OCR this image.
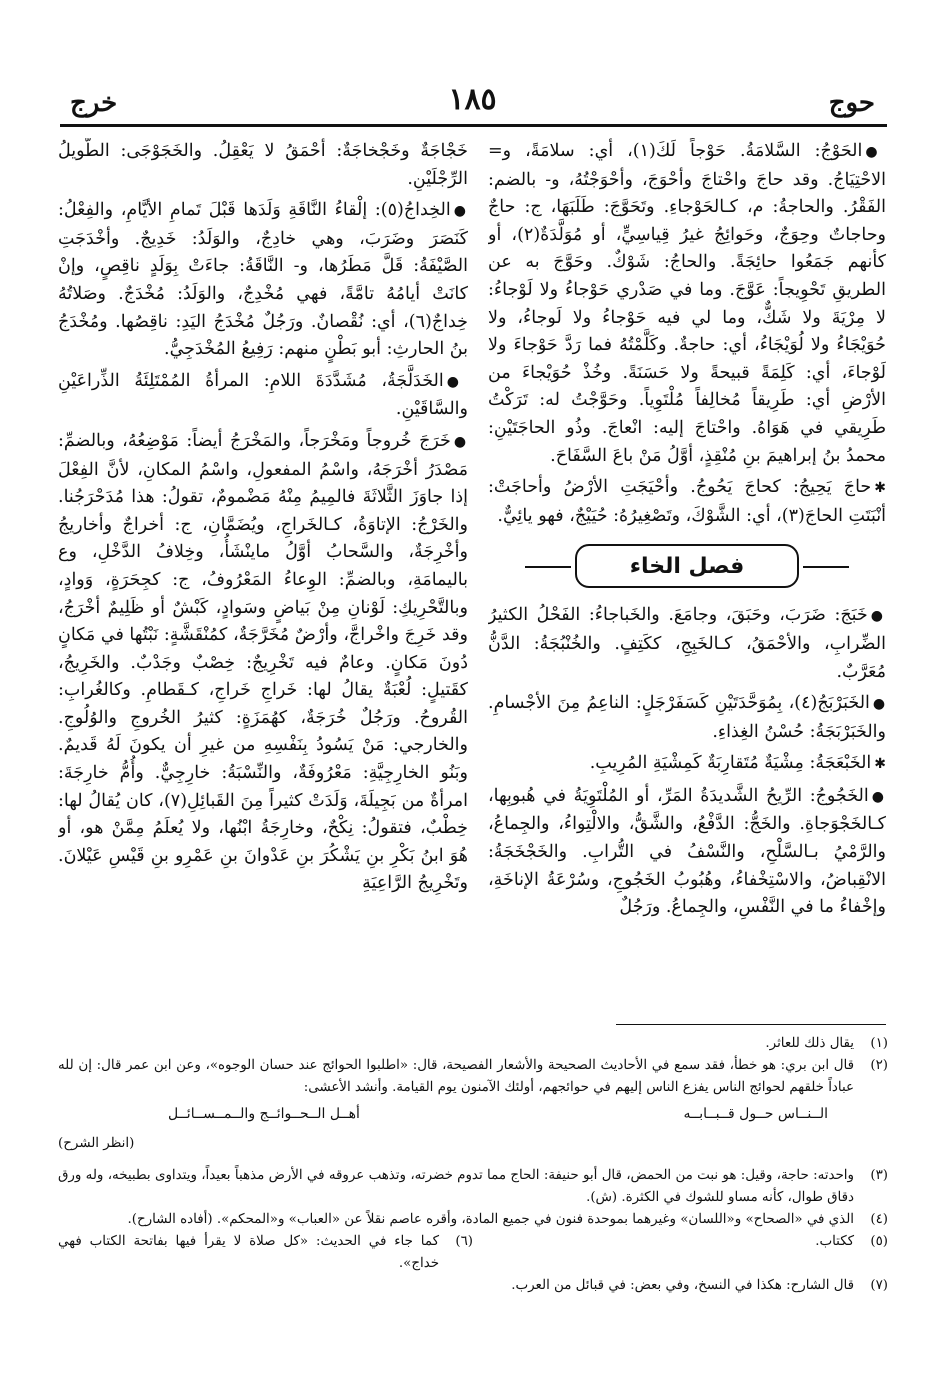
حوج
١٨٥
خرج

●الحَوْجُ: السَّلامَةُ. حَوْجاً لَكَ(١)، أي: سلامَةً، و= الاحْتِيَاجُ. وقد حاجَ واحْتاجَ وأحْوَجَ، وأحْوَجْتُهُ، و- بالضم: الفَقْرُ. والحاجةُ: م، كـالحَوْجاءِ. وتَحَوَّجَ: طَلَبَهَا، ج: حاجٌ وحاجاتٌ وحِوَجٌ، وحَوائِجُ غيرُ قِياسِيٍّ، أو مُوَلَّدَةٌ(٢)، أو كأنهم جَمَعُوا حائِجَةً. والحاجُ: شَوْكٌ. وحَوَّجَ به عن الطريقِ تَحْوِيجاً: عَوَّجَ. وما في صَدْري حَوْجاءُ ولا لَوْجاءُ: لا مِرْيَةَ ولا شَكٌّ، وما لي فيه حَوْجاءُ ولا لَوجاءُ، ولا حُوَيْجَاءُ ولا لُوَيْجَاءُ، أي: حاجةٌ. وكَلَّمْتُهُ فما رَدَّ حَوْجاءَ ولا لَوْجاءَ، أي: كَلِمَةً قبيحةً ولا حَسَنَةً. وخُذْ حُوَيْجاءَ من الأرْضِ أي: طَرِيقاً مُخالِفاً مُلْتَوِياً. وحَوَّجْتُ له: تَرَكْتُ طَرِيقي في هَوَاهُ. واحْتاجَ إليه: انْعاجَ. وذُو الحاجَتَيْنِ: محمدُ بنُ إبراهيمَ بنِ مُنْقِذٍ، أوَّلُ مَنْ باعَ السَّفَاحَ.

✱حاجَ يَحِيجُ: كحاجَ يَحُوجُ. وأحْيَجَتِ الأرْضُ وأحاجَتْ: أنْبَتَتِ الحاجَ(٣)، أي: الشَّوْكَ، وتَصْغِيرُهُ: حُيَيْجٌ، فهو يائِيٌّ.

فصل الخاء

●خَبَجَ: ضَرَبَ، وحَبَقَ، وجامَعَ. والخَباجاءُ: الفَحْلُ الكثيرُ الضِّرابِ، والأحْمَقُ، كـالخَبِجِ، ككَتِفٍ. والخُنْبُجَةُ: الدَّنُّ مُعَرَّبٌ.

●الخَبَرْبَجُ(٤)، بِمُوَحَّدَتَيْنِ كَسَفَرْجَلٍ: الناعِمُ مِنَ الأجْسامِ. والخَبَرْبَجَةُ: حُسْنُ الغِذاءِ.

✱الخَبْعَجَةُ: مِشْيَةٌ مُتَقارِبَةٌ كَمِشْيَةِ المُرِيبِ.

●الخَجُوجُ: الرِّيحُ الشَّديدَةُ المَرِّ، أو المُلْتَوِيَةُ في هُبوبِها، كـالخَجْوَجاةِ. والخَجُّ: الدَّفْعُ، والشَّقُّ، والالْتِواءُ، والجِماعُ، والرَّمْيُ بـالسَّلْحِ، والنَّسْفُ في التُّرابِ. والخَجْخَجَةُ: الانْقِباضُ، والاسْتِخْفاءُ، وهُبُوبُ الخَجُوجِ، وسُرْعَةُ الإناخَةِ، وإخْفاءُ ما في النَّفْسِ، والجِماعُ. ورَجُلٌ

خَجْاجَةٌ وخَجْخاجَةٌ: أحْمَقُ لا يَعْقِلُ. والخَجَوْجَى: الطَّويلُ الرِّجْلَيْنِ.

●الخِداجُ(٥): إلْقاءُ النَّاقَةِ وَلَدَها قَبْلَ تَمامِ الأيَّامِ، والفِعْلُ: كَنَصَرَ وضَرَبَ، وهي خادِجٌ، والوَلَدُ: خَدِيجٌ. وأخْدَجَتِ الصَّيْفَةُ: قَلَّ مَطَرُها، و- النَّاقَةُ: جاءَتْ بِوَلَدٍ ناقِصٍ، وإنْ كانَتْ أيامُهُ تامَّةً، فهي مُخْدِجٌ، والوَلَدُ: مُخْدَجٌ. وصَلاتُهُ خِداجٌ(٦)، أي: نُقْصانٌ. ورَجُلٌ مُخْدَجُ اليَدِ: ناقِصُها. ومُخْدَجُ بنُ الحارثِ: أبو بَطْنٍ منهم: رَفِيعُ المُخْدَجِيُّ.

●الخَدَلَّجَةُ، مُشَدَّدَةَ اللامِ: المرأةُ المُمْتَلِئَةُ الذِّراعَيْنِ والسَّاقَيْنِ.

●خَرَجَ خُروجاً ومَخْرَجاً، والمَخْرَجُ أيضاً: مَوْضِعُهُ، وبالضمِّ: مَصْدَرُ أخْرَجَهُ، واسْمُ المفعولِ، واسْمُ المكانِ، لأنَّ الفِعْلَ إذا جاوَزَ الثَّلاثَةَ فالمِيمُ مِنْهُ مَضْمومٌ، تقولُ: هذا مُدَحْرَجُنا. والخَرْجُ: الإتاوَةُ، كـالخَراجِ، ويُضَمَّانِ، ج: أخراجٌ وأخاريجُ وأخْرِجَةٌ، والسَّحابُ أوَّلُ ماينْشَأُ، وخِلافُ الدَّخْلِ، وع باليمامَةِ، وبالضمِّ: الوِعاءُ المَعْرُوفُ، ج: كجِحَرَةٍ، وَوادٍ، وبالتَّحْرِيكِ: لَوْنانِ مِنْ بَياضٍ وسَوادٍ، كَبْشٌ أو ظَلِيمٌ أخْرَجُ، وقد خَرِجَ واخْراجَّ، وأرْضٌ مُخَرَّجَةٌ، كمُنْقَشَّةٍ: نَبْتُها في مَكانٍ دُونَ مَكانٍ. وعامٌ فيه تَخْرِيجٌ: خِصْبٌ وجَدْبٌ. والخَرِيجُ، كقَتيلٍ: لُعْبَةٌ يقالُ لها: خَراجِ خَراجِ، كـقَطامِ. وكالغُرابِ: القُروحُ. ورَجُلٌ خُرَجَةٌ، كهُمَزَةٍ: كثيرُ الخُروجِ والوُلُوجِ. والخارجي: مَنْ يَسُودُ بِنَفْسِهِ من غيرِ أن يكونَ لَهُ قَديمٌ. وبَنُو الخارِجِيَّةِ: مَعْرُوفَةٌ، والنِّسْبَةُ: خارِجِيٌّ. وأُمُّ خارِجَةَ: امرأةٌ من بَجِيلَةَ، وَلَدَتْ كثيراً مِنَ القَبائِلِ(٧)، كان يُقالُ لها: خِطْبٌ، فتقولُ: نِكْحٌ، وخارِجَةُ ابْنُها، ولا يُعلَمُ مِمَّنْ هو، أو هُوَ ابنُ بَكْرِ بنِ يَشْكُرَ بنِ عَدْوانَ بنِ عَمْرِو بنِ قَيْسِ عَيْلانَ. وتَخْرِيجُ الرَّاعِيَةِ

(١)
يقال ذلك للعاثر.
(٢)
قال ابن بري: هو خطأ، فقد سمع في الأحاديث الصحيحة والأشعار الفصيحة، قال: «اطلبوا الحوائج عند حسان الوجوه»، وعن ابن عمر قال: إن لله عباداً خلقهم لحوائج الناس يفزع الناس إليهم في حوائجهم، أولئك الآمنون يوم القيامة. وأنشد الأعشى:
الــنــاس حــول قــبــابــه
أهــل الــحــوائــج والــمــســائــل
(انظر الشرح)
(٣)
واحدته: حاجة، وقيل: هو نبت من الحمض، قال أبو حنيفة: الحاج مما تدوم خضرته، وتذهب عروقه في الأرض مذهباً بعيداً، ويتداوى بطبيخه، وله ورق دقاق طوال، كأنه مساو للشوك في الكثرة. (ش).
(٤)
الذي في «الصحاح» و«اللسان» وغيرهما بموحدة فنون في جميع المادة، وأقره عاصم نقلاً عن «العباب» و«المحكم». (أفاده الشارح).
(٥)
ككتاب.
(٦)
كما جاء في الحديث: «كل صلاة لا يقرأ فيها بفاتحة الكتاب فهي خداج».
(٧)
قال الشارح: هكذا في النسخ، وفي بعض: في قبائل من العرب.
